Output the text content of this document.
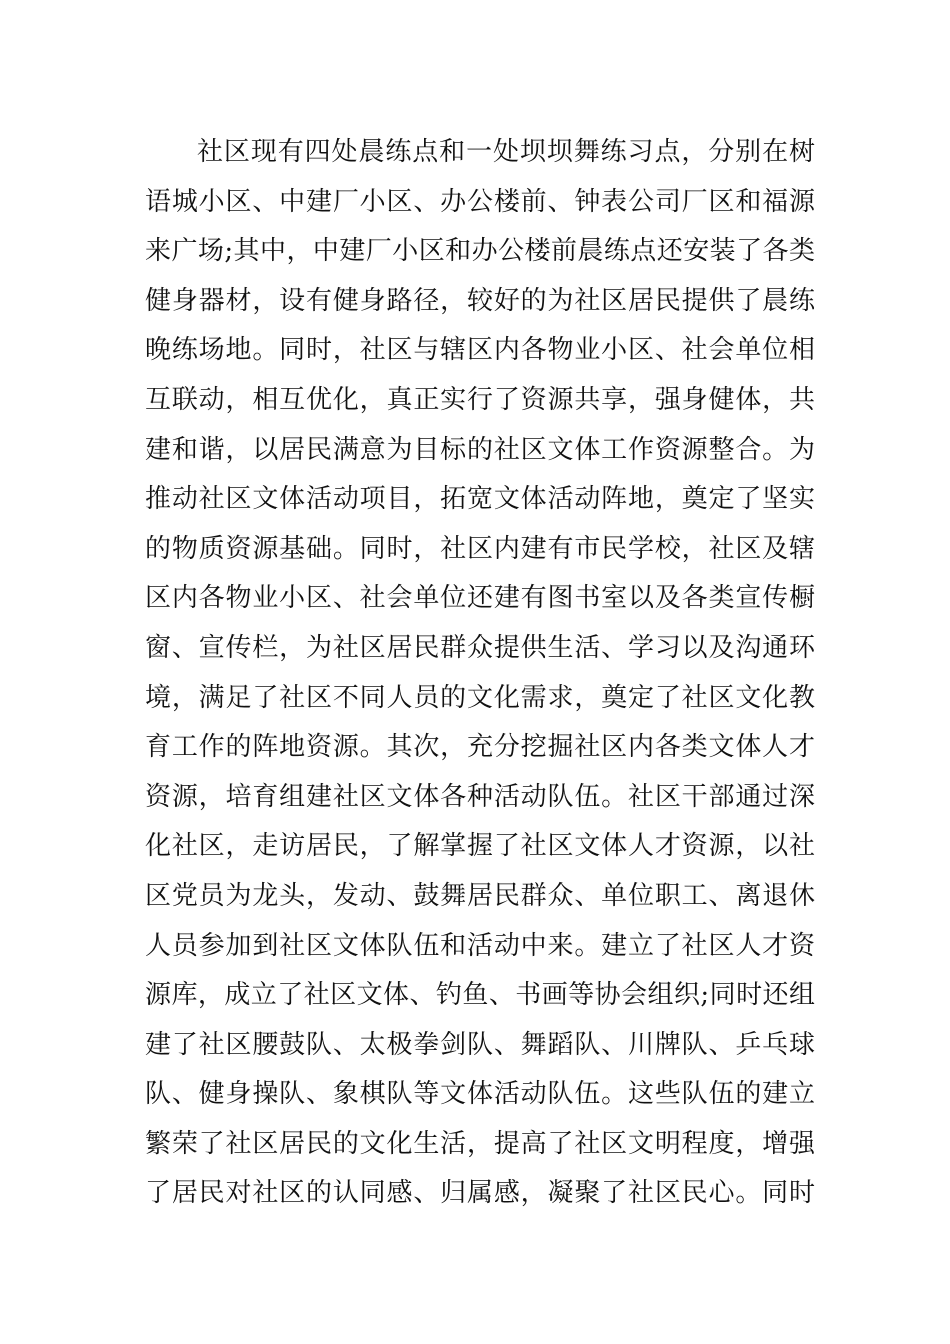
社区现有四处晨练点和一处坝坝舞练习点，分别在树
语城小区、中建厂小区、办公楼前、钟表公司厂区和福源
来广场;其中，中建厂小区和办公楼前晨练点还安装了各类
健身器材，设有健身路径，较好的为社区居民提供了晨练
晚练场地。同时，社区与辖区内各物业小区、社会单位相
互联动，相互优化，真正实行了资源共享，强身健体，共
建和谐，以居民满意为目标的社区文体工作资源整合。为
推动社区文体活动项目，拓宽文体活动阵地，奠定了坚实
的物质资源基础。同时，社区内建有市民学校，社区及辖
区内各物业小区、社会单位还建有图书室以及各类宣传橱
窗、宣传栏，为社区居民群众提供生活、学习以及沟通环
境，满足了社区不同人员的文化需求，奠定了社区文化教
育工作的阵地资源。其次，充分挖掘社区内各类文体人才
资源，培育组建社区文体各种活动队伍。社区干部通过深
化社区，走访居民，了解掌握了社区文体人才资源，以社
区党员为龙头，发动、鼓舞居民群众、单位职工、离退休
人员参加到社区文体队伍和活动中来。建立了社区人才资
源库，成立了社区文体、钓鱼、书画等协会组织;同时还组
建了社区腰鼓队、太极拳剑队、舞蹈队、川牌队、乒乓球
队、健身操队、象棋队等文体活动队伍。这些队伍的建立
繁荣了社区居民的文化生活，提高了社区文明程度，增强
了居民对社区的认同感、归属感，凝聚了社区民心。同时
